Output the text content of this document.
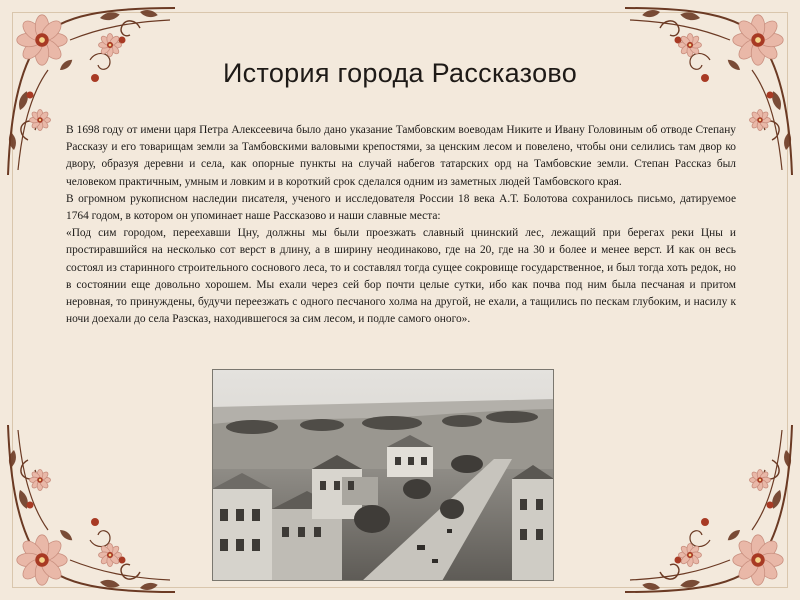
История города Рассказово

В 1698 году от имени царя Петра Алексеевича было дано указание Тамбовским воеводам Никите и Ивану Головиным об отводе Степану Рассказу и его товарищам земли за Тамбовскими валовыми крепостями, за ценским лесом и повелено, чтобы они селились там двор ко двору, образуя деревни и села, как опорные пункты на случай набегов татарских орд на Тамбовские земли. Степан Рассказ был человеком практичным, умным и ловким и в короткий срок сделался одним из заметных людей Тамбовского края.

В огромном рукописном наследии писателя, ученого и исследователя России 18 века А.Т. Болотова сохранилось письмо, датируемое 1764 годом, в котором он упоминает наше Рассказово и наши славные места:

«Под сим городом, переехавши Цну, должны мы были проезжать славный цнинский лес, лежащий при берегах реки Цны и простиравшийся на несколько сот верст в длину, а в ширину неодинаково, где на 20, где на 30 и более и менее верст. И как он весь состоял из старинного строительного соснового леса, то и составлял тогда сущее сокровище государственное, и был тогда хоть редок, но в состоянии еще довольно хорошем. Мы ехали через сей бор почти целые сутки, ибо как почва под ним была песчаная и притом неровная, то принуждены, будучи переезжать с одного песчаного холма на другой, не ехали, а тащились по пескам глубоким, и насилу к ночи доехали до села Разсказ, находившегося за сим лесом, и подле самого оного».
